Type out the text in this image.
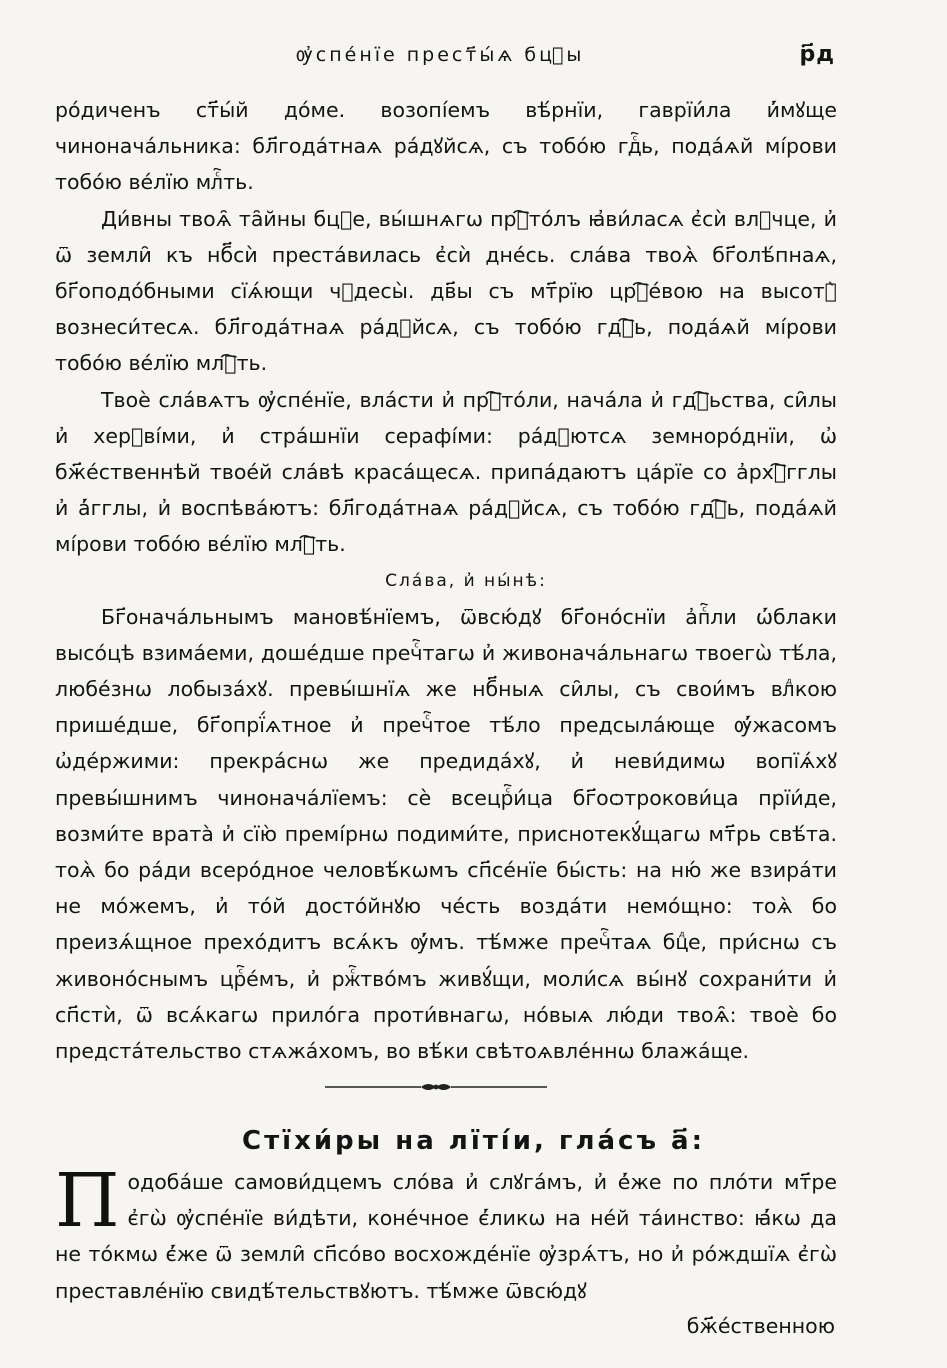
ѹ҆спе́нїе прест҃ы́ѧ бцⷣы	р҃д

ро́диченъ ст҃ы́й до́ме. возопі́емъ вѣ́рнїи, гаврїи́ла и҆́мꙋще чинонача́льника: бл҃года́тнаѧ ра́дꙋйсѧ, съ тобо́ю гдⷭ҇ь, пода́ѧй мі́рови тобо́ю ве́лїю млⷭ҇ть.

Ди́вны твоѧ̑ та̑йны бцⷣе, вы́шнѧгѡ прⷭ҇то́лъ ꙗ҆ви́ласѧ є҆сѝ влⷣчце, и҆ ѿ земли̑ къ нб҃сѝ преста́вилась є҆сѝ дне́сь. сла́ва твоѧ̀ бг҃олѣ́пнаѧ, бг҃оподо́бными сїѧ́ющи чꙋдесы̀. дв҃ы съ мт҃рїю црⷭ҇е́вою на высотꙋ̀ вознеси́тесѧ. бл҃года́тнаѧ ра́дꙋйсѧ, съ тобо́ю гдⷭ҇ь, пода́ѧй мі́рови тобо́ю ве́лїю млⷭ҇ть.

Твоѐ сла́вѧтъ ѹ҆спе́нїе, вла́сти и҆ прⷭ҇то́ли, нача́ла и҆ гдⷭ҇ьства, си̑лы и҆ херꙋві́ми, и҆ стра́шнїи серафі́ми: ра́дꙋютсѧ земноро́днїи, ѡ҆ бж҃е́ственнѣй твое́й сла́вѣ краса́щесѧ. припа́даютъ ца́рїе со а҆рхⷢ҇гглы и҆ а҆́гглы, и҆ воспѣва́ютъ: бл҃года́тнаѧ ра́дꙋйсѧ, съ тобо́ю гдⷭ҇ь, пода́ѧй мі́рови тобо́ю ве́лїю млⷭ҇ть.

Сла́ва, и҆ ны́нѣ:

Бг҃онача́льнымъ мановѣ́нїемъ, ѿвсю́дꙋ бг҃оно́снїи а҆пⷭ҇ли ѡ҆́блаки высо́цѣ взима́еми, доше́дше пречⷭ҇тагѡ и҆ живонача́льнагѡ твоегѡ̀ тѣ́ла, любе́знѡ лобыза́хꙋ. превы́шнїѧ же нб҃ныѧ си̑лы, съ свои́мъ влⷣкою прише́дше, бг҃опрї́ѧтное и҆ пречⷭ҇тое тѣ́ло предсыла́юще ѹ҆́жасомъ ѡ҆де́ржими: прекра́снѡ же предида́хꙋ, и҆ неви́димѡ вопїѧ́хꙋ превы́шнимъ чинонача́лїемъ: сѐ всецрⷭ҇и́ца бг҃оѻтрокови́ца прїи́де, возми́те врата̀ и҆ сїю̀ премі́рнѡ подими́те, приснотекꙋ́щагѡ мт҃рь свѣ́та. тоѧ̀ бо ра́ди всеро́дное человѣ́кѡмъ сп҃се́нїе бы́сть: на ню́ же взира́ти не мо́жемъ, и҆ то́й досто́йнꙋю че́сть возда́ти немо́щно: тоѧ̀ бо преизѧ́щное прехо́дитъ всѧ́къ ѹ҆́мъ. тѣ́мже пречⷭ҇таѧ бцⷣе, при́снѡ съ живоно́снымъ црⷭ҇е́мъ, и҆ ржⷭ҇тво́мъ живꙋ́щи, моли́сѧ вы́нꙋ сохрани́ти и҆ сп҃стѝ, ѿ всѧ́кагѡ прило́га проти́внагѡ, но́выѧ лю́ди твоѧ̑: твоѐ бо предста́тельство стѧжа́хомъ, во вѣ́ки свѣтоѧвле́ннѡ блажа́ще.

Стїхи́ры на лїті́и, гла́съ а҃:
П одоба́ше самови́дцемъ сло́ва и҆ слꙋга́мъ, и҆ е҆́же по пло́ти мт҃ре є҆гѡ̀ ѹ҆спе́нїе ви́дѣти, коне́чное є҆́ликѡ на не́й та́инство: ꙗ҆́кѡ да не то́кмѡ є҆́же ѿ земли̑ сп҃со́во восхожде́нїе ѹ҆зрѧ́тъ, но и҆ ро́ждшїѧ є҆гѡ̀ преставле́нїю свидѣ́тельствꙋютъ. тѣ́мже ѿвсю́дꙋ
бж҃е́ственною
